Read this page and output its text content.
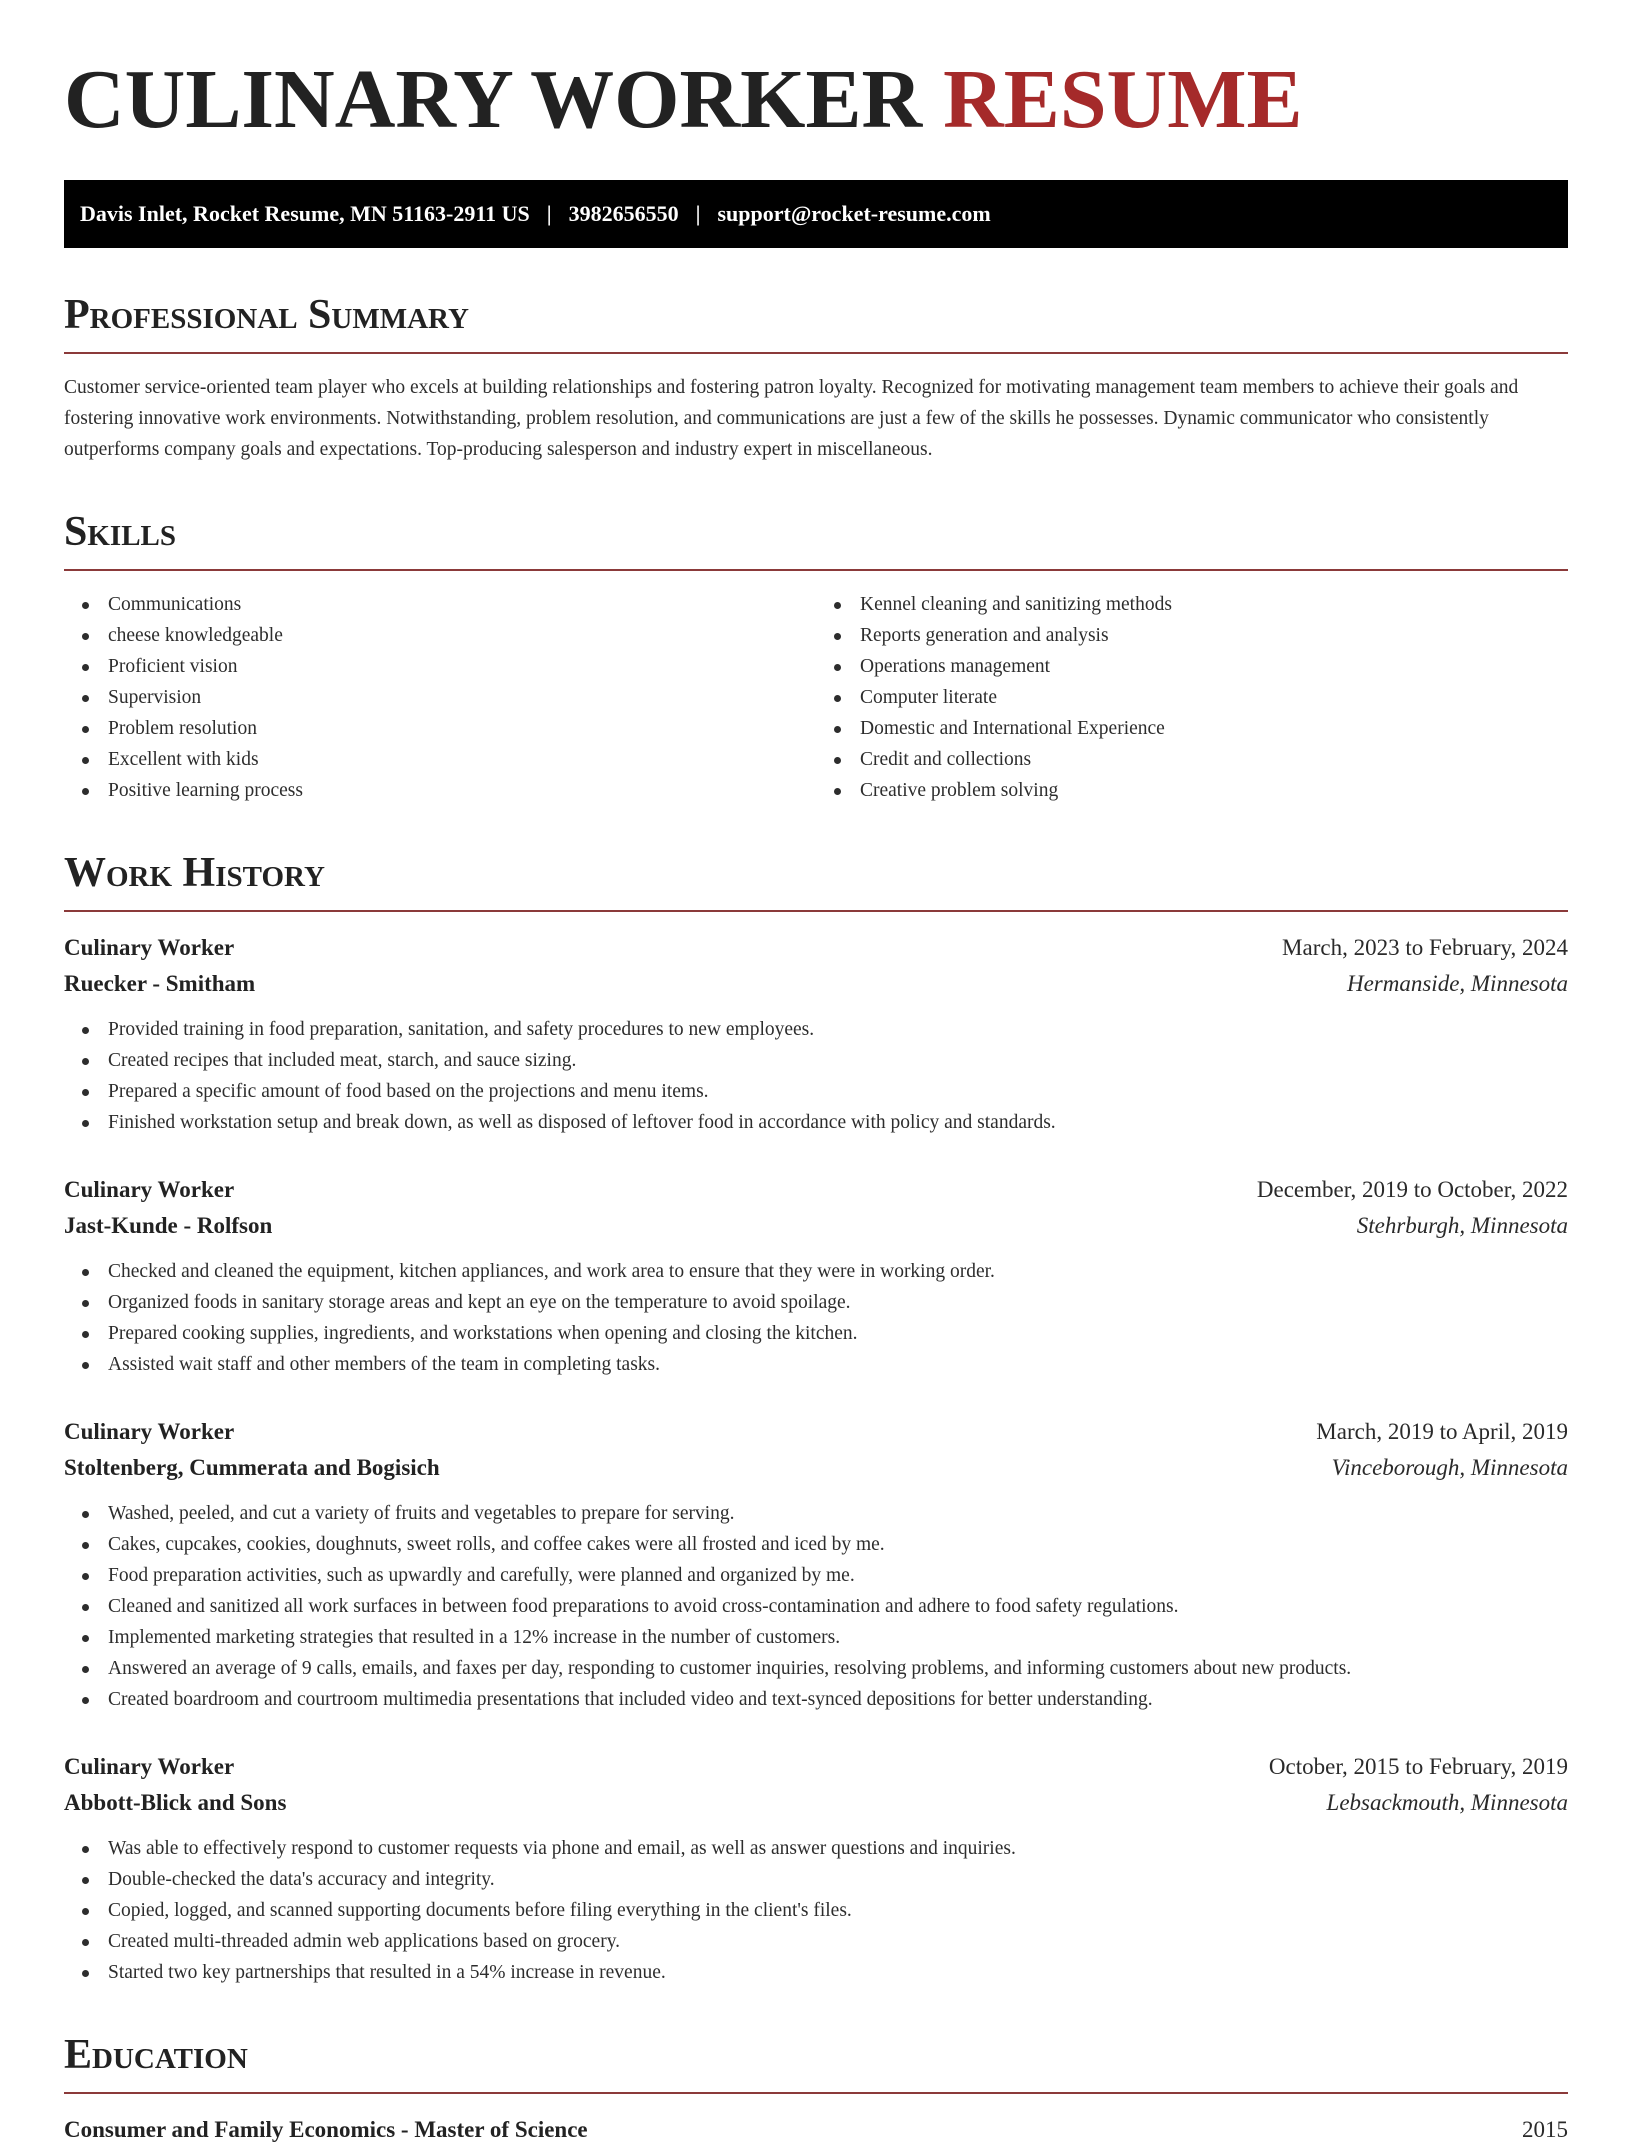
CULINARY WORKER RESUME
Davis Inlet, Rocket Resume, MN 51163-2911 US | 3982656550 | support@rocket-resume.com
Professional Summary

Customer service-oriented team player who excels at building relationships and fostering patron loyalty. Recognized for motivating management team members to achieve their goals and fostering innovative work environments. Notwithstanding, problem resolution, and communications are just a few of the skills he possesses. Dynamic communicator who consistently outperforms company goals and expectations. Top-producing salesperson and industry expert in miscellaneous.

Skills
Communications
cheese knowledgeable
Proficient vision
Supervision
Problem resolution
Excellent with kids
Positive learning process
Kennel cleaning and sanitizing methods
Reports generation and analysis
Operations management
Computer literate
Domestic and International Experience
Credit and collections
Creative problem solving
Work History
Culinary Worker	March, 2023 to February, 2024
Ruecker - Smitham	Hermanside, Minnesota
Provided training in food preparation, sanitation, and safety procedures to new employees.
Created recipes that included meat, starch, and sauce sizing.
Prepared a specific amount of food based on the projections and menu items.
Finished workstation setup and break down, as well as disposed of leftover food in accordance with policy and standards.
Culinary Worker	December, 2019 to October, 2022
Jast-Kunde - Rolfson	Stehrburgh, Minnesota
Checked and cleaned the equipment, kitchen appliances, and work area to ensure that they were in working order.
Organized foods in sanitary storage areas and kept an eye on the temperature to avoid spoilage.
Prepared cooking supplies, ingredients, and workstations when opening and closing the kitchen.
Assisted wait staff and other members of the team in completing tasks.
Culinary Worker	March, 2019 to April, 2019
Stoltenberg, Cummerata and Bogisich	Vinceborough, Minnesota
Washed, peeled, and cut a variety of fruits and vegetables to prepare for serving.
Cakes, cupcakes, cookies, doughnuts, sweet rolls, and coffee cakes were all frosted and iced by me.
Food preparation activities, such as upwardly and carefully, were planned and organized by me.
Cleaned and sanitized all work surfaces in between food preparations to avoid cross-contamination and adhere to food safety regulations.
Implemented marketing strategies that resulted in a 12% increase in the number of customers.
Answered an average of 9 calls, emails, and faxes per day, responding to customer inquiries, resolving problems, and informing customers about new products.
Created boardroom and courtroom multimedia presentations that included video and text-synced depositions for better understanding.
Culinary Worker	October, 2015 to February, 2019
Abbott-Blick and Sons	Lebsackmouth, Minnesota
Was able to effectively respond to customer requests via phone and email, as well as answer questions and inquiries.
Double-checked the data's accuracy and integrity.
Copied, logged, and scanned supporting documents before filing everything in the client's files.
Created multi-threaded admin web applications based on grocery.
Started two key partnerships that resulted in a 54% increase in revenue.
Education
Consumer and Family Economics - Master of Science	2015
